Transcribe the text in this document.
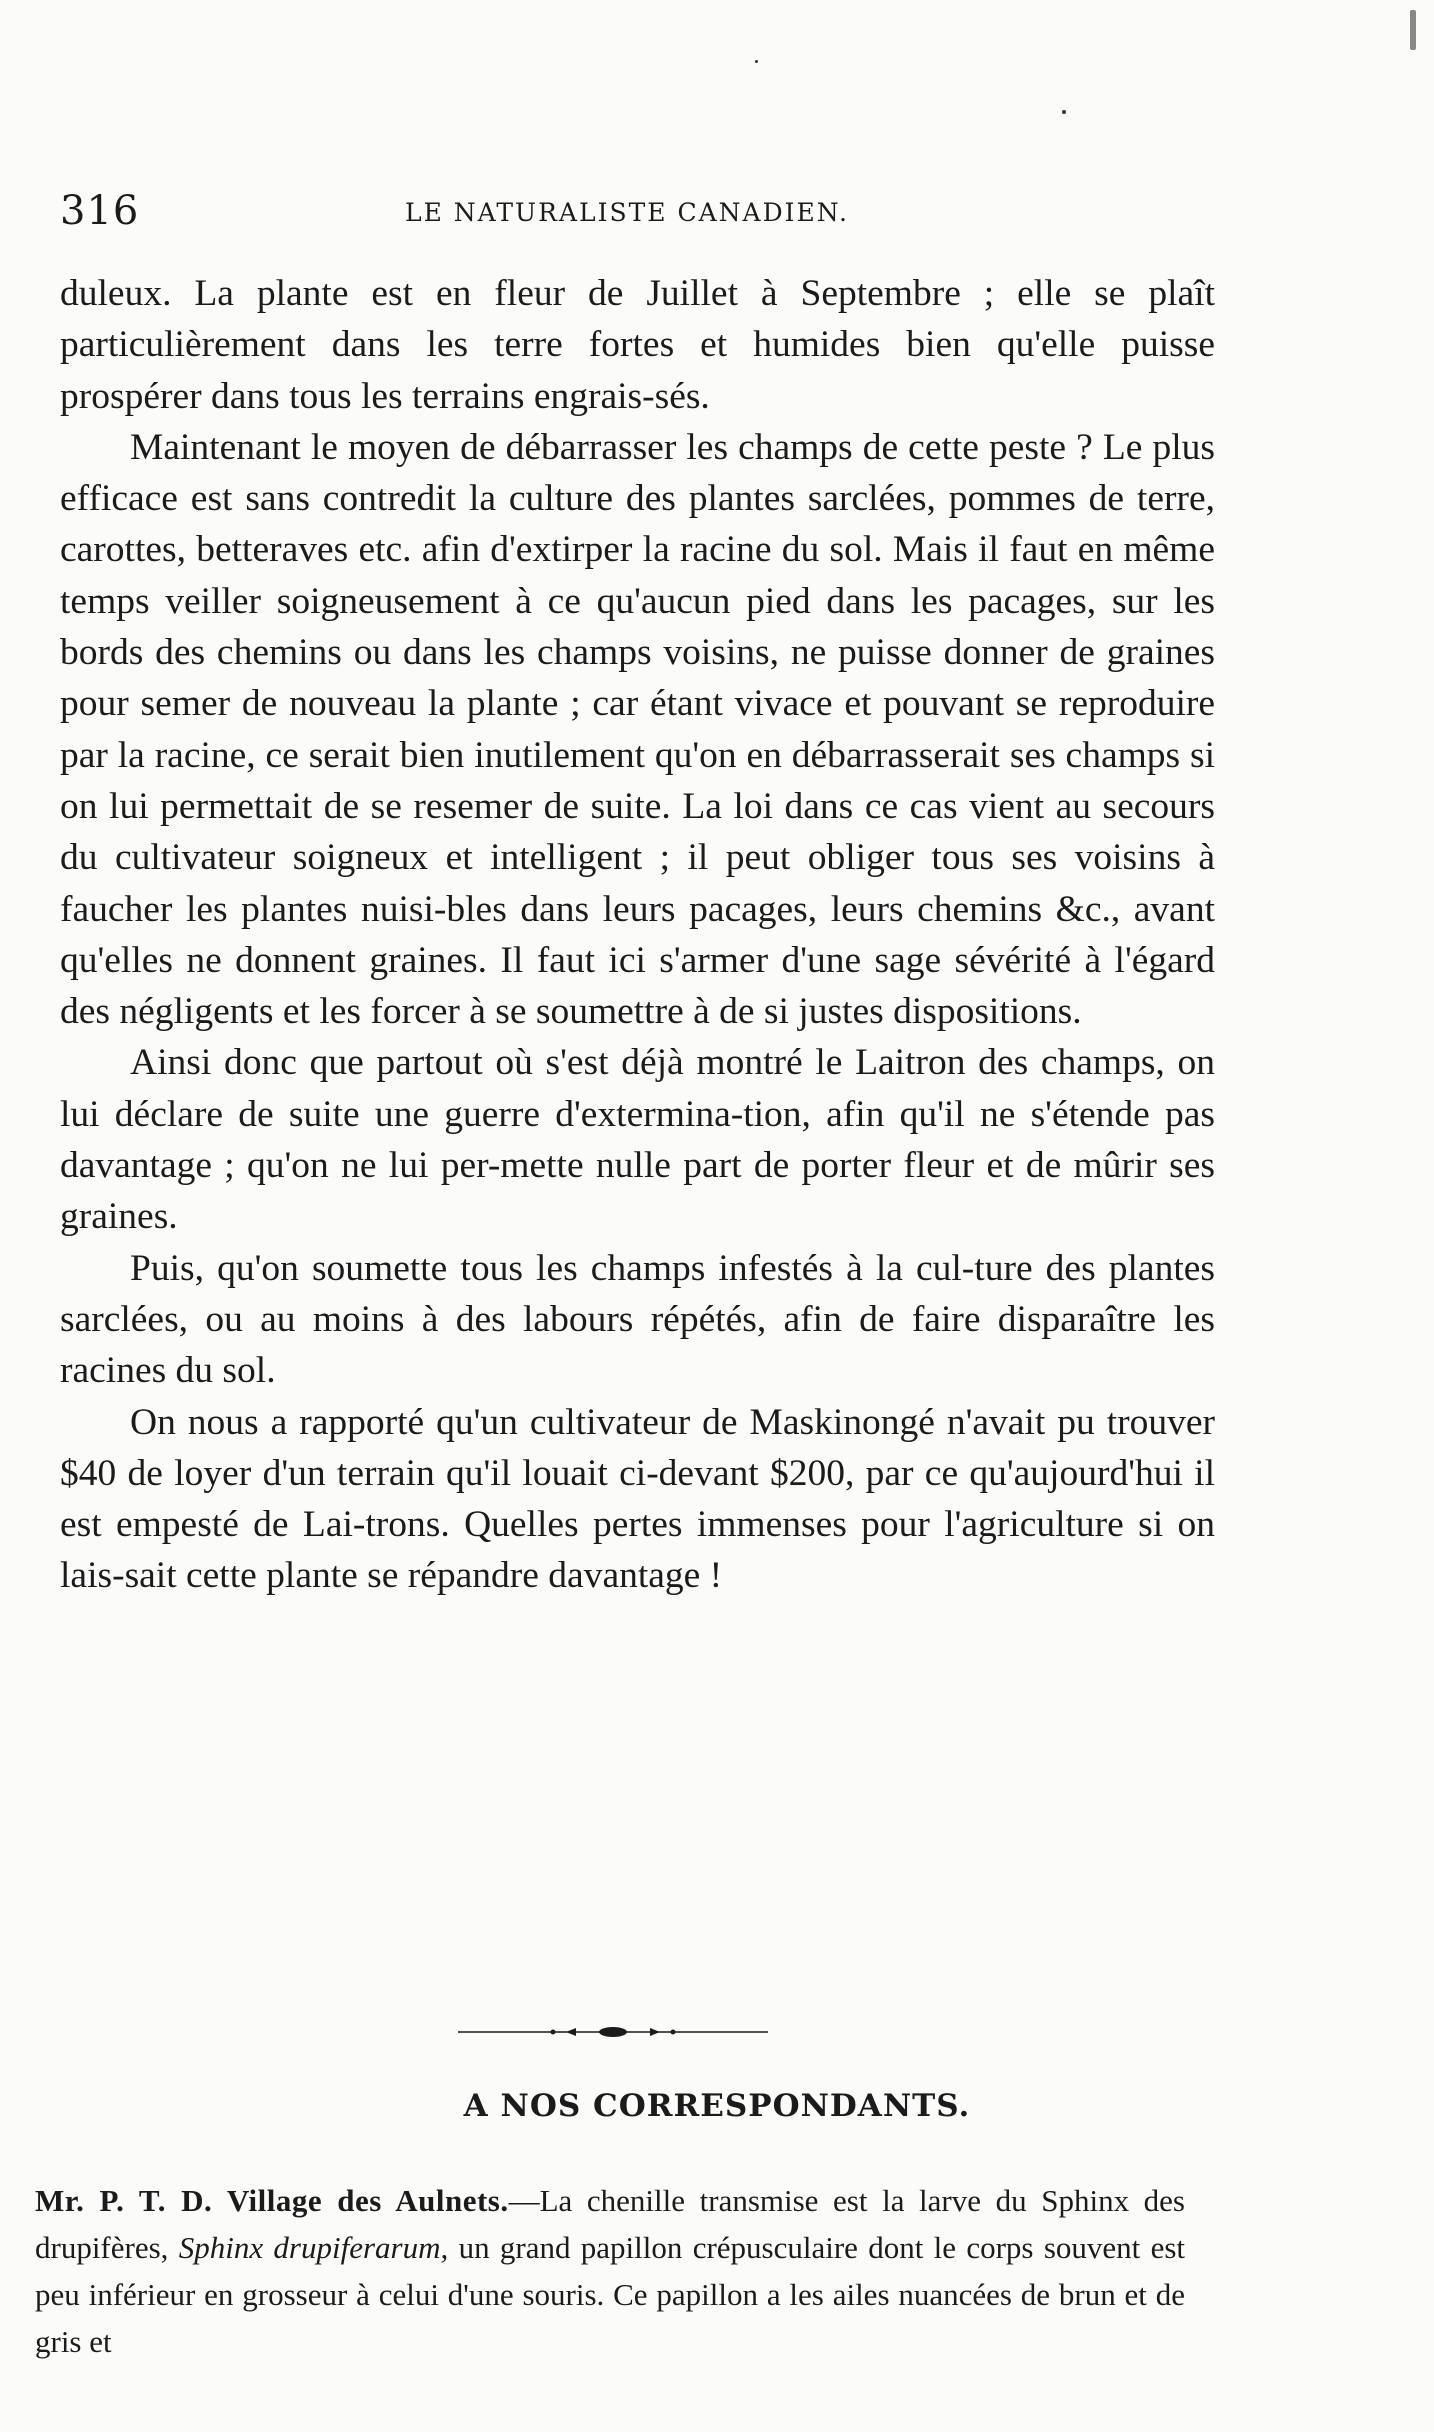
316	LE NATURALISTE CANADIEN.

duleux. La plante est en fleur de Juillet à Septembre ; elle se plaît particulièrement dans les terre fortes et humides bien qu'elle puisse prospérer dans tous les terrains engrais-sés.

Maintenant le moyen de débarrasser les champs de cette peste ? Le plus efficace est sans contredit la culture des plantes sarclées, pommes de terre, carottes, betteraves etc. afin d'extirper la racine du sol. Mais il faut en même temps veiller soigneusement à ce qu'aucun pied dans les pacages, sur les bords des chemins ou dans les champs voisins, ne puisse donner de graines pour semer de nouveau la plante ; car étant vivace et pouvant se reproduire par la racine, ce serait bien inutilement qu'on en débarrasserait ses champs si on lui permettait de se resemer de suite. La loi dans ce cas vient au secours du cultivateur soigneux et intelligent ; il peut obliger tous ses voisins à faucher les plantes nuisi-bles dans leurs pacages, leurs chemins &c., avant qu'elles ne donnent graines. Il faut ici s'armer d'une sage sévérité à l'égard des négligents et les forcer à se soumettre à de si justes dispositions.

Ainsi donc que partout où s'est déjà montré le Laitron des champs, on lui déclare de suite une guerre d'extermina-tion, afin qu'il ne s'étende pas davantage ; qu'on ne lui per-mette nulle part de porter fleur et de mûrir ses graines.

Puis, qu'on soumette tous les champs infestés à la cul-ture des plantes sarclées, ou au moins à des labours répétés, afin de faire disparaître les racines du sol.

On nous a rapporté qu'un cultivateur de Maskinongé n'avait pu trouver $40 de loyer d'un terrain qu'il louait ci-devant $200, par ce qu'aujourd'hui il est empesté de Lai-trons. Quelles pertes immenses pour l'agriculture si on lais-sait cette plante se répandre davantage !

A NOS CORRESPONDANTS.

Mr. P. T. D. Village des Aulnets.—La chenille transmise est la larve du Sphinx des drupifères, Sphinx drupiferarum, un grand papillon crépusculaire dont le corps souvent est peu inférieur en grosseur à celui d'une souris. Ce papillon a les ailes nuancées de brun et de gris et
